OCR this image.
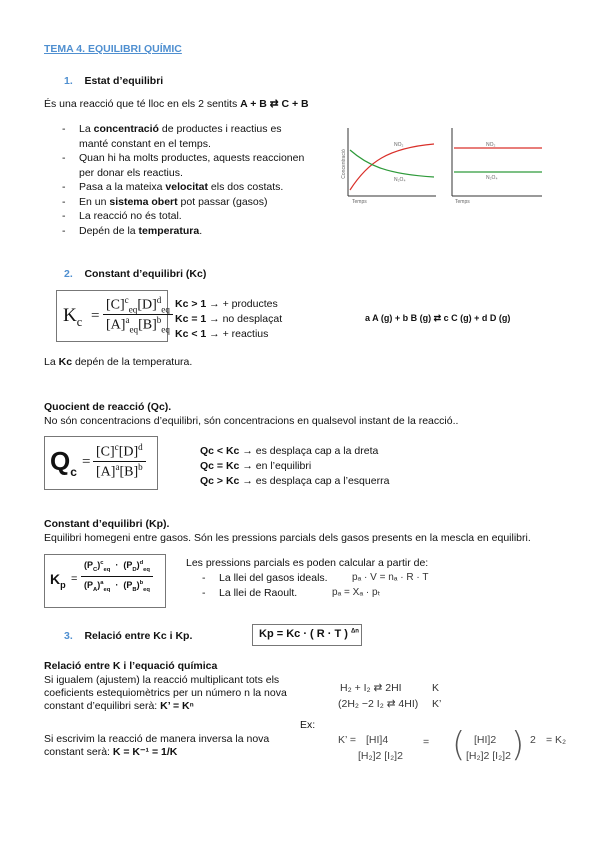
TEMA 4. EQUILIBRI QUÍMIC
1. Estat d’equilibri
És una reacció que té lloc en els 2 sentits A + B ⇄ C + B
- La concentració de productes i reactius es
manté constant en el temps.
- Quan hi ha molts productes, aquests reaccionen
per donar els reactius.
- Pasa a la mateixa velocitat els dos costats.
- En un sistema obert pot passar (gasos)
- La reacció no és total.
- Depén de la temperatura.
Concentració
Temps
NO₂
N₂O₄
Temps
NO₂
N₂O₄
2. Constant d’equilibri (Kc)
$K_c$ =
$[C]^c_{eq}[D]^d_{eq}$
$[A]^a_{eq}[B]^b_{eq}$
Kc > 1 → + productes
Kc = 1 → no desplaçat
Kc < 1 → + reactius
a A (g) + b B (g) ⇄ c C (g) + d D (g)
La Kc depén de la temperatura.
Quocient de reacció (Qc).
No són concentracions d’equilibri, són concentracions en qualsevol instant de la reacció..
$Q_c$
= $\frac{[C]^c[D]^d}{[A]^a[B]^b}$	Qc < Kc → es desplaça cap a la dreta
Qc = Kc → en l’equilibri
Qc > Kc → es desplaça cap a l’esquerra
Constant d’equilibri (Kp).
Equilibri homegeni entre gasos. Són les pressions parcials dels gasos presents en la mescla en equilibri.
$K_p$ =
$(P_C)^c_{eq} \cdot (P_D)^d_{eq}$
$(P_A)^a_{eq} \cdot (P_B)^b_{eq}$
Les pressions parcials es poden calcular a partir de:
- La llei del gasos ideals. pₐ · V = nₐ · R · T
- La llei de Raoult.	pₐ = Xₐ · pₜ
3. Relació entre Kc i Kp.	Kp = Kc · ( R · T ) $^{\Delta n}$
Relació entre K i l’equació química
Si igualem (ajustem) la reacció multiplicant tots els
coeficients estequiomètrics per un número n la nova
constant d’equilibri serà: K’ = Kⁿ
Si escrivim la reacció de manera inversa la nova
constant serà: K = K⁻¹ = 1/K
Ex:
H₂ + I₂ ⇄ 2HI	K
(2H₂ −2 I₂ ⇄ 4HI) K’
K’ = [HI]4
[H₂]2 [I₂]2
= ( [HI]2
[H₂]2 [I₂]2 ) 2 = K₂
